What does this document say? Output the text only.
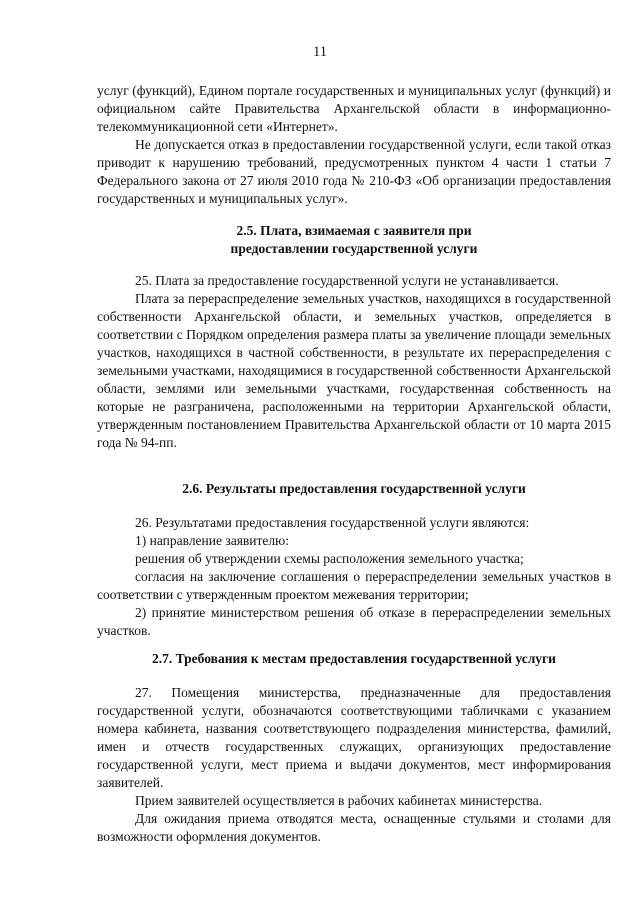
11

услуг (функций), Едином портале государственных и муниципальных услуг (функций) и официальном сайте Правительства Архангельской области в информационно-телекоммуникационной сети «Интернет».

Не допускается отказ в предоставлении государственной услуги, если такой отказ приводит к нарушению требований, предусмотренных пунктом 4 части 1 статьи 7 Федерального закона от 27 июля 2010 года № 210-ФЗ «Об организации предоставления государственных и муниципальных услуг».

2.5. Плата, взимаемая с заявителя при
предоставлении государственной услуги

25. Плата за предоставление государственной услуги не устанавливается.

Плата за перераспределение земельных участков, находящихся в государственной собственности Архангельской области, и земельных участков, определяется в соответствии с Порядком определения размера платы за увеличение площади земельных участков, находящихся в частной собственности, в результате их перераспределения с земельными участками, находящимися в государственной собственности Архангельской области, землями или земельными участками, государственная собственность на которые не разграничена, расположенными на территории Архангельской области, утвержденным постановлением Правительства Архангельской области от 10 марта 2015 года № 94-пп.

2.6. Результаты предоставления государственной услуги

26. Результатами предоставления государственной услуги являются:

1) направление заявителю:

решения об утверждении схемы расположения земельного участка;

согласия на заключение соглашения о перераспределении земельных участков в соответствии с утвержденным проектом межевания территории;

2) принятие министерством решения об отказе в перераспределении земельных участков.

2.7. Требования к местам предоставления государственной услуги

27. Помещения министерства, предназначенные для предоставления государственной услуги, обозначаются соответствующими табличками с указанием номера кабинета, названия соответствующего подразделения министерства, фамилий, имен и отчеств государственных служащих, организующих предоставление государственной услуги, мест приема и выдачи документов, мест информирования заявителей.

Прием заявителей осуществляется в рабочих кабинетах министерства.

Для ожидания приема отводятся места, оснащенные стульями и столами для возможности оформления документов.
